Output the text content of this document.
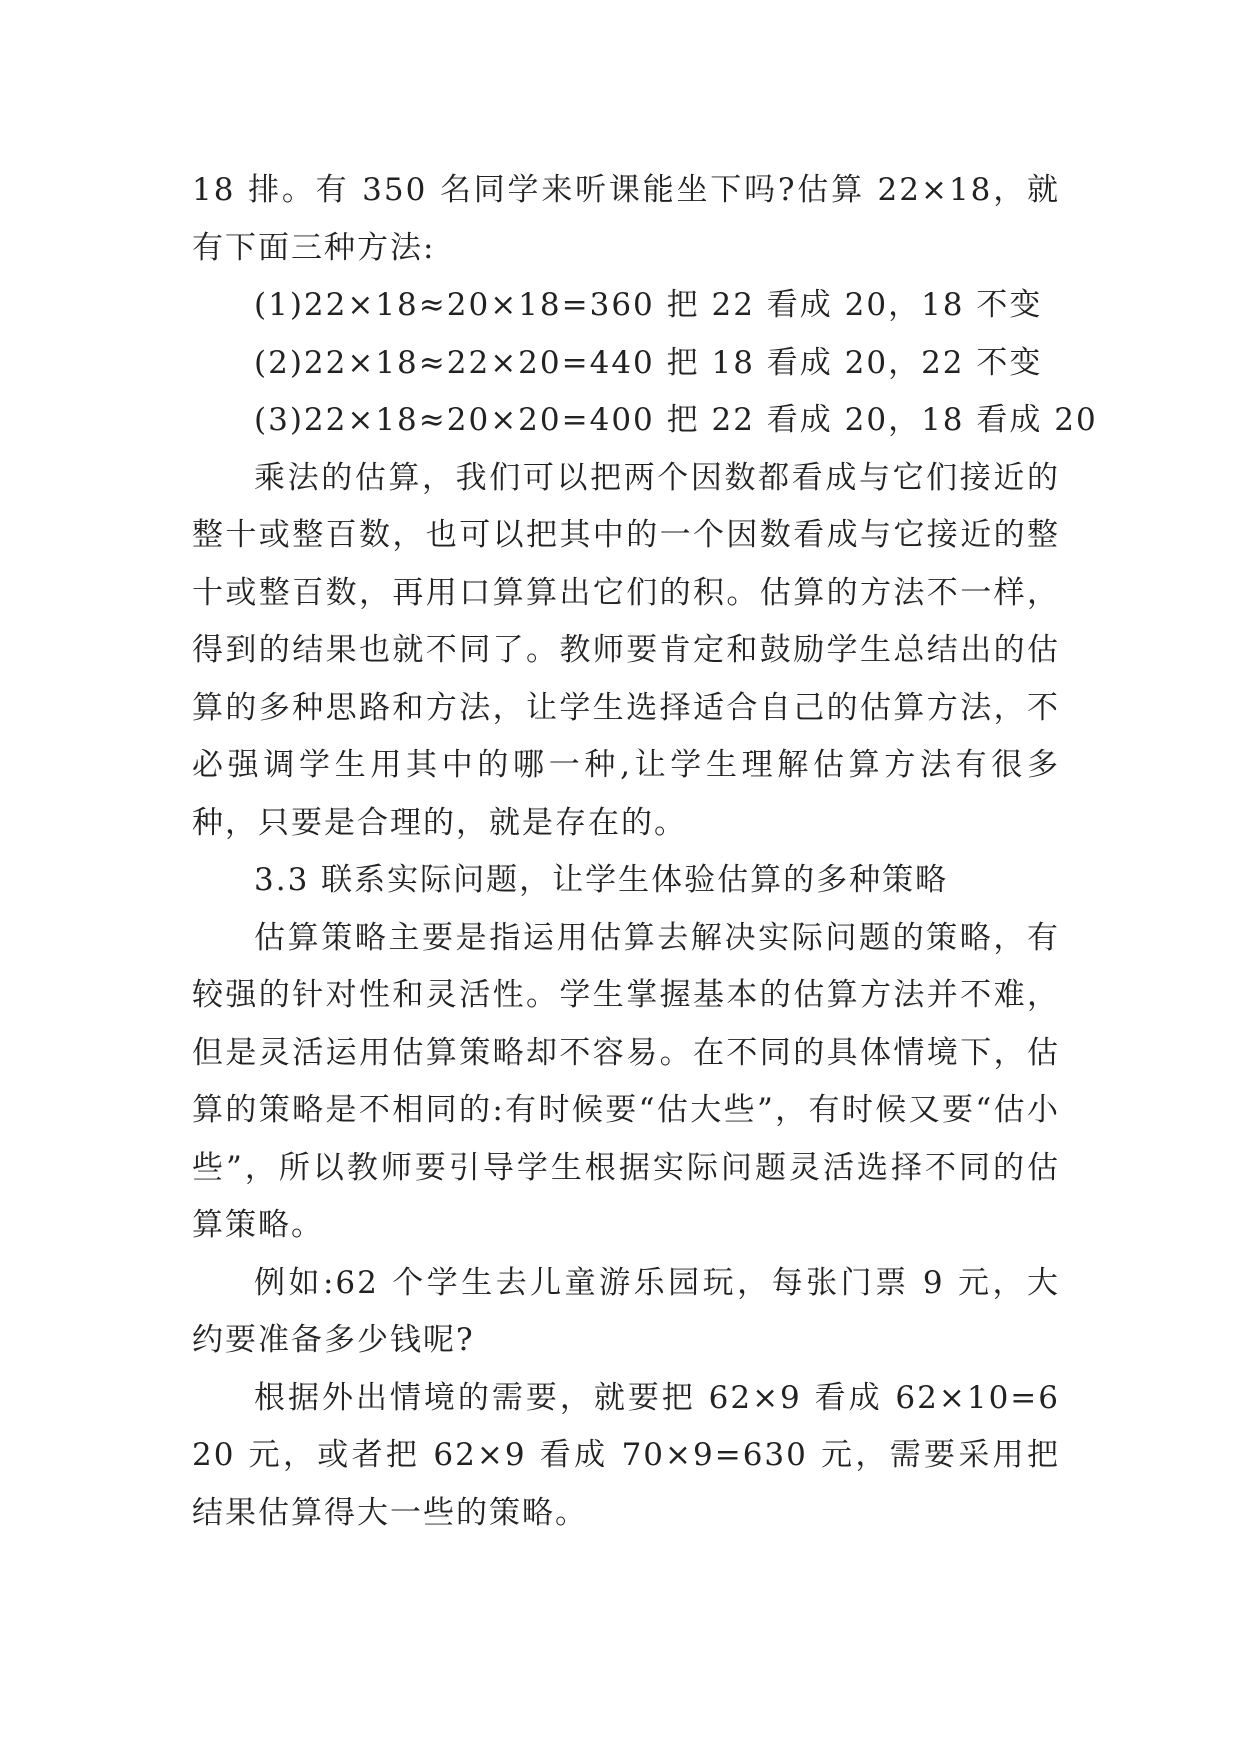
18 排。有 350 名同学来听课能坐下吗?估算 22×18，就有下面三种方法:

(1)22×18≈20×18=360 把 22 看成 20，18 不变

(2)22×18≈22×20=440 把 18 看成 20，22 不变

(3)22×18≈20×20=400 把 22 看成 20，18 看成 20

乘法的估算，我们可以把两个因数都看成与它们接近的整十或整百数，也可以把其中的一个因数看成与它接近的整十或整百数，再用口算算出它们的积。估算的方法不一样，得到的结果也就不同了。教师要肯定和鼓励学生总结出的估算的多种思路和方法，让学生选择适合自己的估算方法，不必强调学生用其中的哪一种,让学生理解估算方法有很多种，只要是合理的，就是存在的。

3.3 联系实际问题，让学生体验估算的多种策略

估算策略主要是指运用估算去解决实际问题的策略，有较强的针对性和灵活性。学生掌握基本的估算方法并不难，但是灵活运用估算策略却不容易。在不同的具体情境下，估算的策略是不相同的:有时候要“估大些”，有时候又要“估小些”，所以教师要引导学生根据实际问题灵活选择不同的估算策略。

例如:62 个学生去儿童游乐园玩，每张门票 9 元，大约要准备多少钱呢?

根据外出情境的需要，就要把 62×9 看成 62×10=620 元，或者把 62×9 看成 70×9=630 元，需要采用把结果估算得大一些的策略。
